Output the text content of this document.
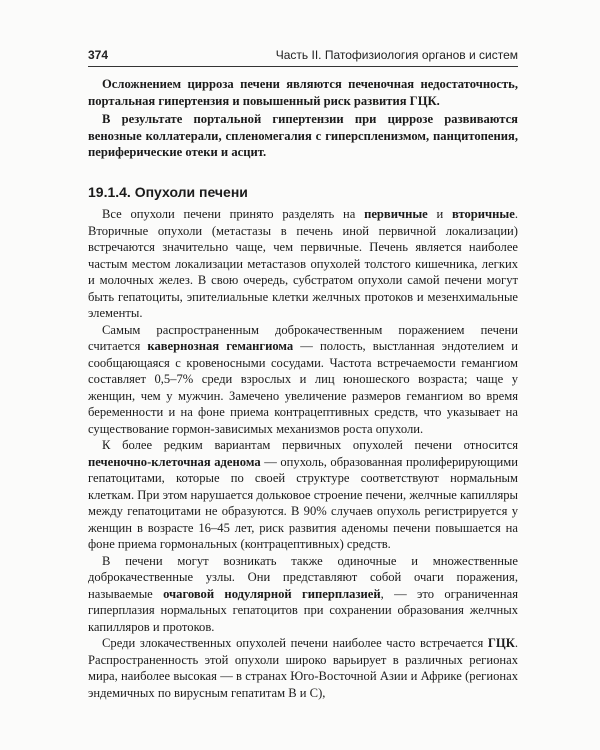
374	Часть II. Патофизиология органов и систем

Осложнением цирроза печени являются печеночная недостаточность, портальная гипертензия и повышенный риск развития ГЦК.

В результате портальной гипертензии при циррозе развиваются венозные коллатерали, спленомегалия с гиперспленизмом, панцитопения, периферические отеки и асцит.

19.1.4. Опухоли печени

Все опухоли печени принято разделять на первичные и вторичные. Вторичные опухоли (метастазы в печень иной первичной локализации) встречаются значительно чаще, чем первичные. Печень является наиболее частым местом локализации метастазов опухолей толстого кишечника, легких и молочных желез. В свою очередь, субстратом опухоли самой печени могут быть гепатоциты, эпителиальные клетки желчных протоков и мезенхимальные элементы.

Самым распространенным доброкачественным поражением печени считается кавернозная гемангиома — полость, выстланная эндотелием и сообщающаяся с кровеносными сосудами. Частота встречаемости гемангиом составляет 0,5–7% среди взрослых и лиц юношеского возраста; чаще у женщин, чем у мужчин. Замечено увеличение размеров гемангиом во время беременности и на фоне приема контрацептивных средств, что указывает на существование гормон-зависимых механизмов роста опухоли.

К более редким вариантам первичных опухолей печени относится печеночно-клеточная аденома — опухоль, образованная пролиферирующими гепатоцитами, которые по своей структуре соответствуют нормальным клеткам. При этом нарушается дольковое строение печени, желчные капилляры между гепатоцитами не образуются. В 90% случаев опухоль регистрируется у женщин в возрасте 16–45 лет, риск развития аденомы печени повышается на фоне приема гормональных (контрацептивных) средств.

В печени могут возникать также одиночные и множественные доброкачественные узлы. Они представляют собой очаги поражения, называемые очаговой нодулярной гиперплазией, — это ограниченная гиперплазия нормальных гепатоцитов при сохранении образования желчных капилляров и протоков.

Среди злокачественных опухолей печени наиболее часто встречается ГЦК. Распространенность этой опухоли широко варьирует в различных регионах мира, наиболее высокая — в странах Юго-Восточной Азии и Африке (регионах эндемичных по вирусным гепатитам B и C),
